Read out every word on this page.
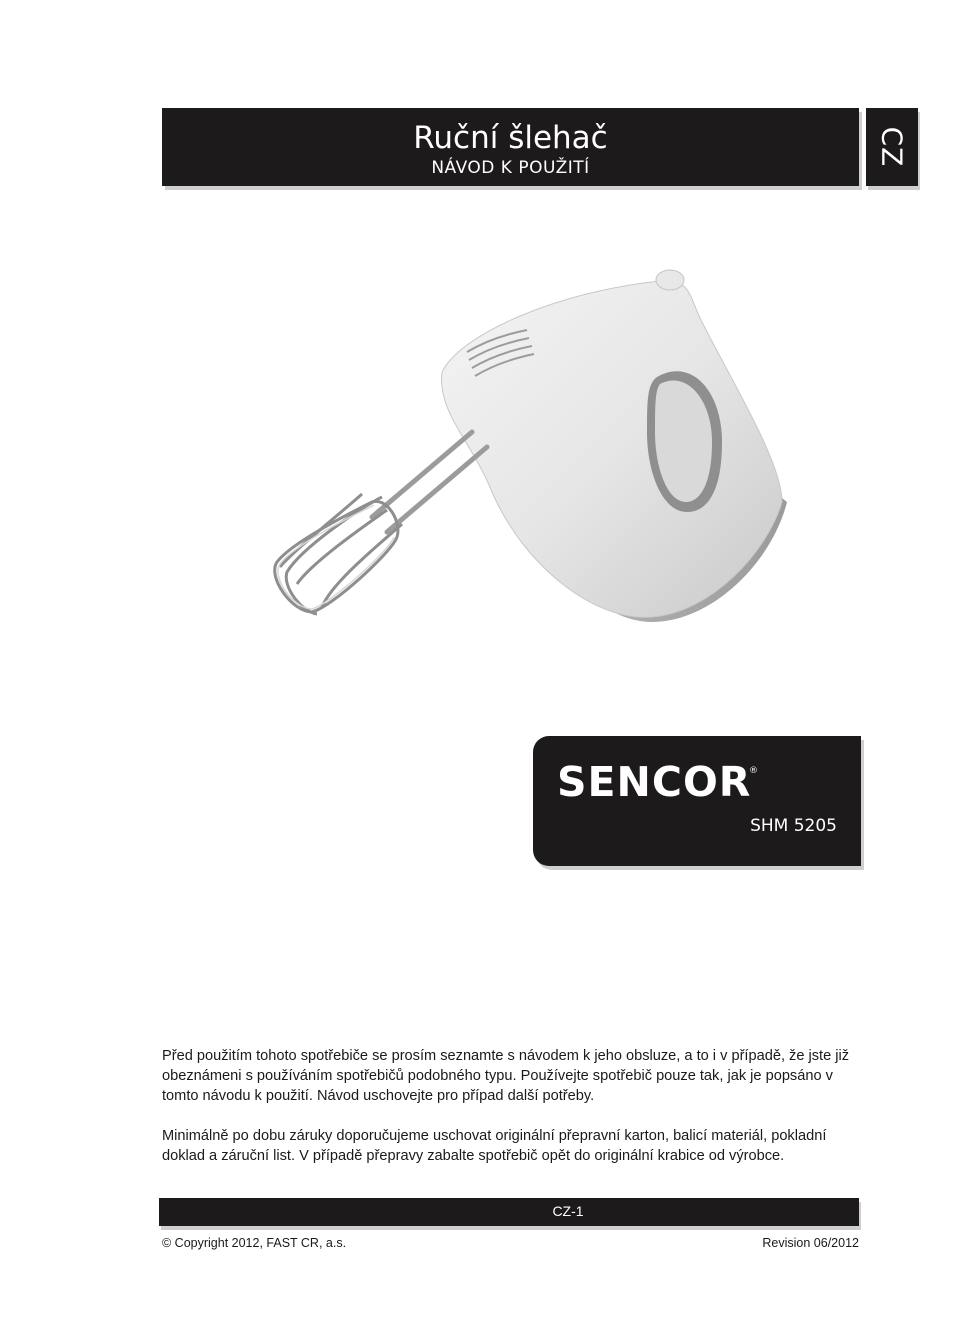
Ruční šlehač
NÁVOD K POUŽITÍ
CZ
SENCOR
®
SHM 5205

Před použitím tohoto spotřebiče se prosím seznamte s návodem k jeho obsluze, a to i v případě, že jste již obeznámeni s používáním spotřebičů podobného typu. Používejte spotřebič pouze tak, jak je popsáno v tomto návodu k použití. Návod uschovejte pro případ další potřeby.

Minimálně po dobu záruky doporučujeme uschovat originální přepravní karton, balicí materiál, pokladní doklad a záruční list. V případě přepravy zabalte spotřebič opět do originální krabice od výrobce.

CZ-1
© Copyright 2012, FAST CR, a.s.	Revision 06/2012
